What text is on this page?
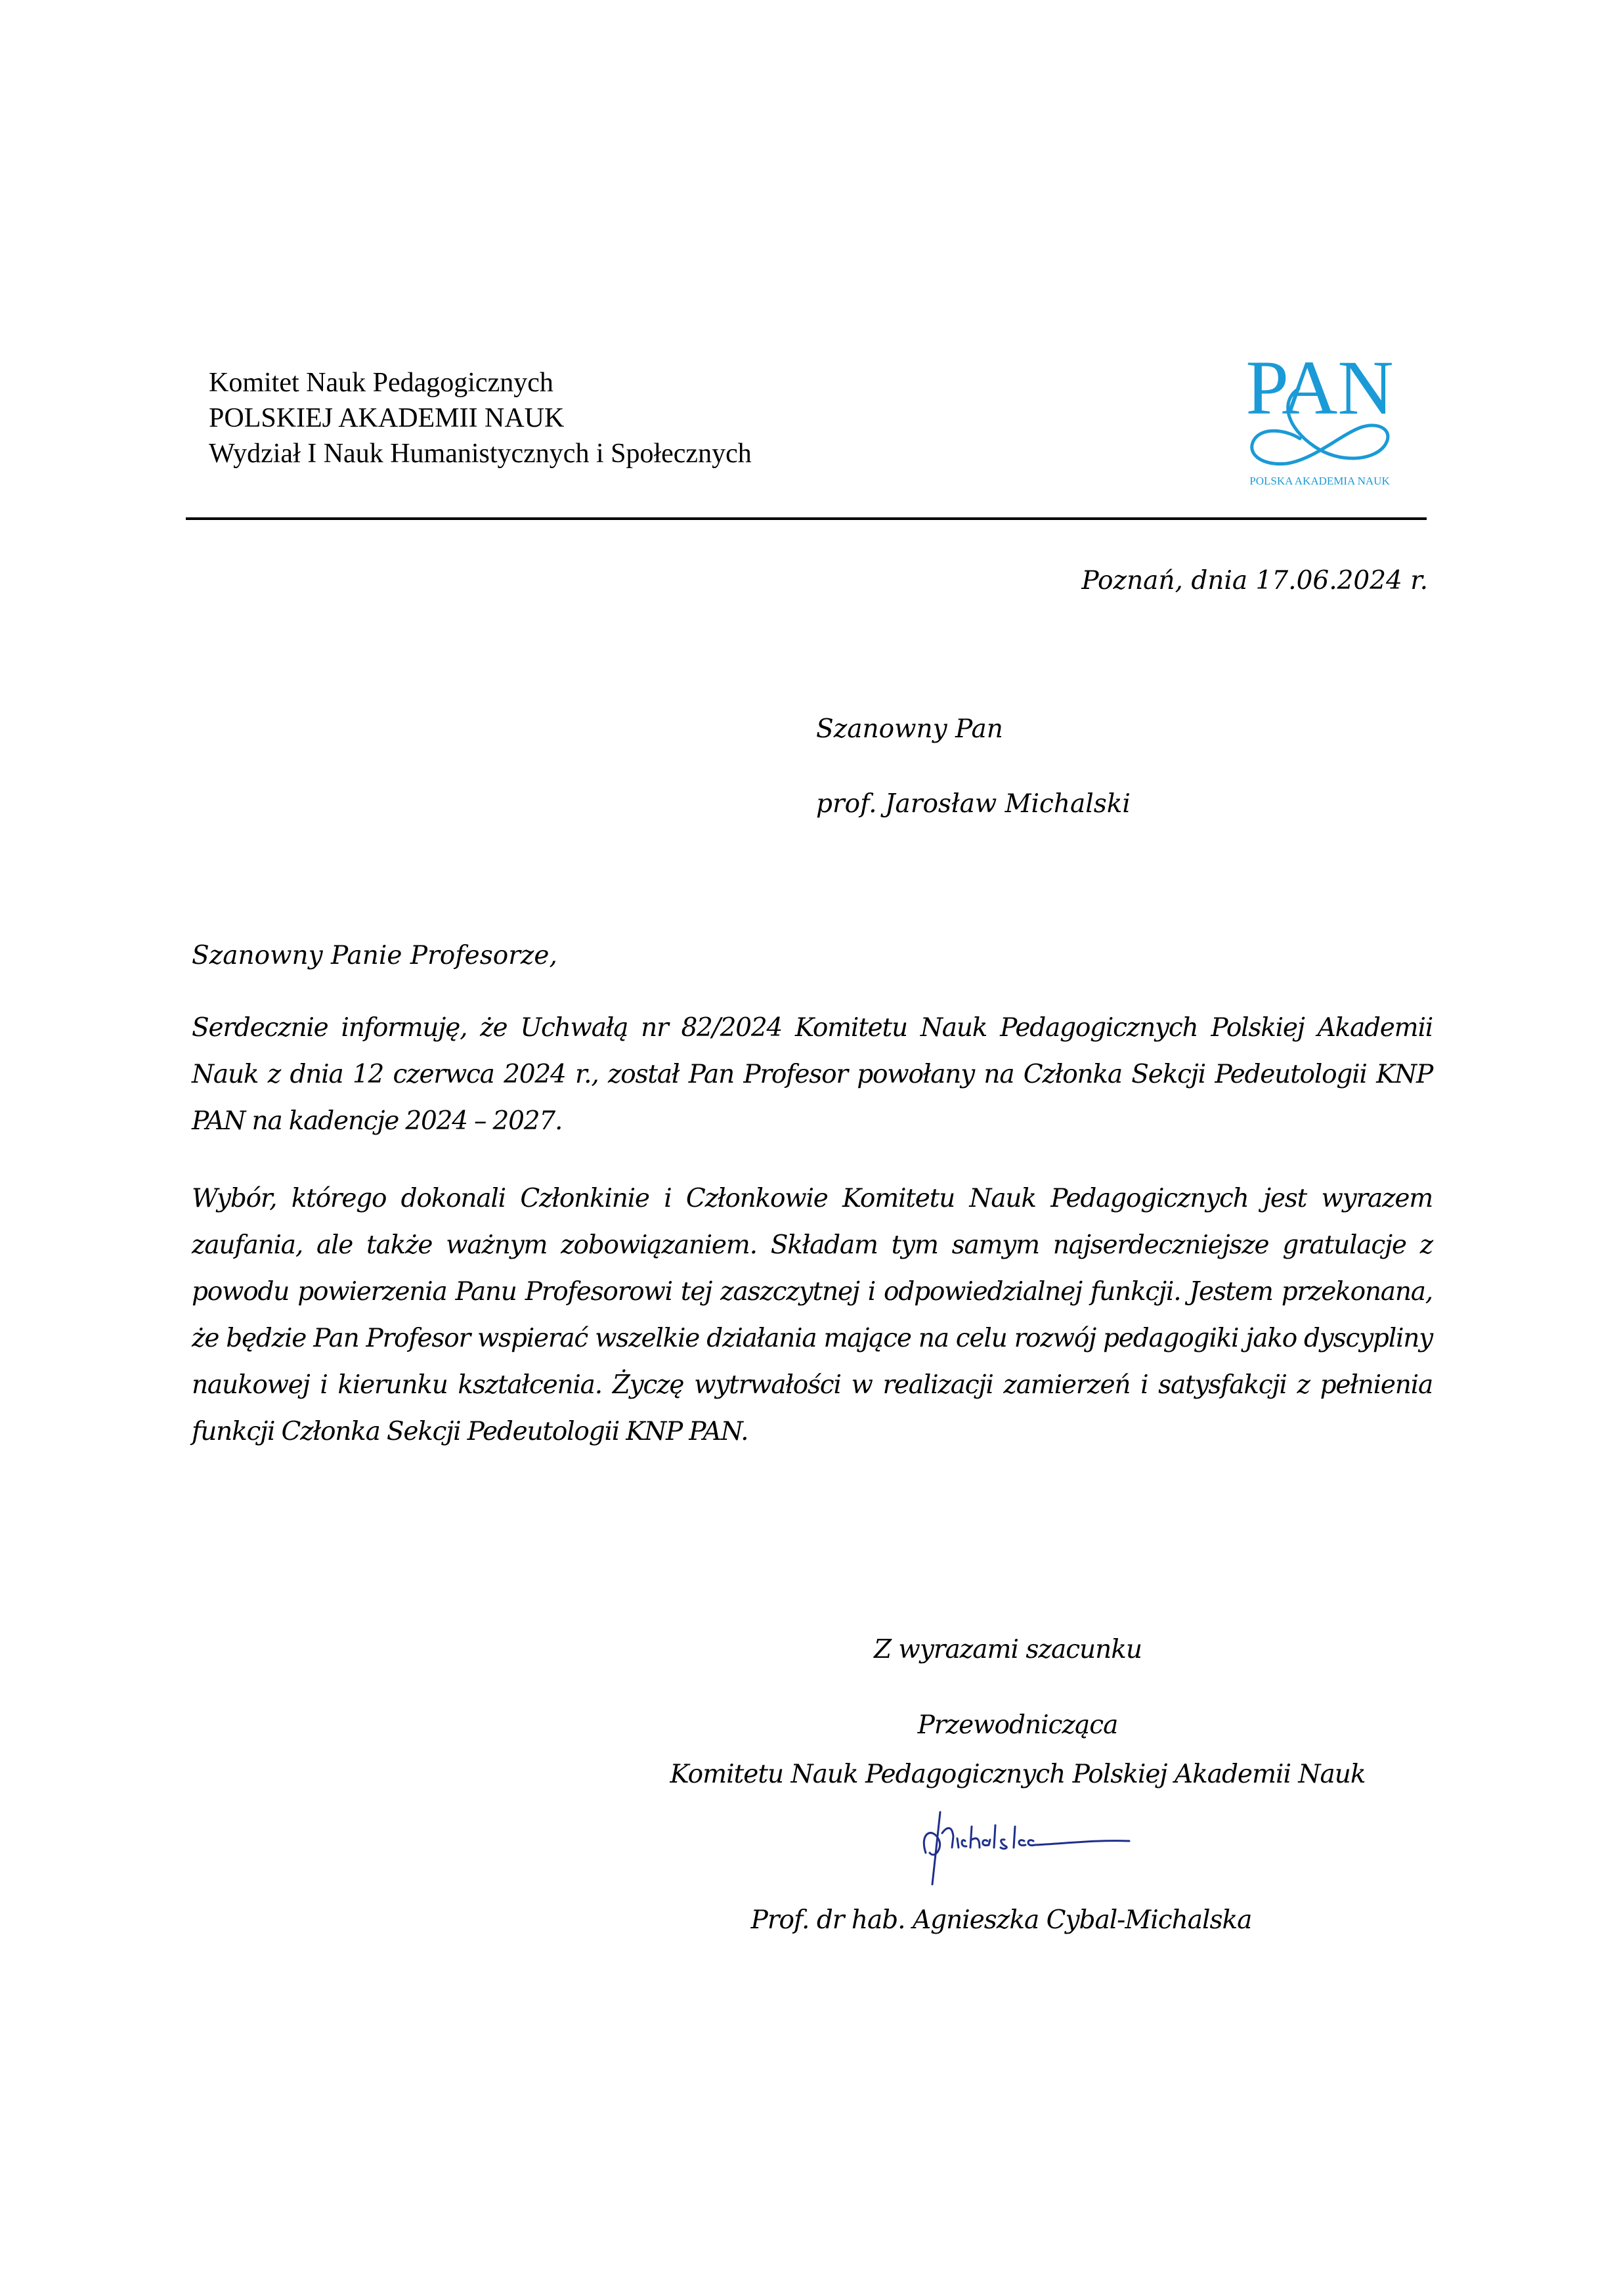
Komitet Nauk Pedagogicznych
POLSKIEJ AKADEMII NAUK
Wydział I Nauk Humanistycznych i Społecznych
PAN
POLSKA AKADEMIA NAUK
Poznań, dnia 17.06.2024 r.
Szanowny Pan
prof. Jarosław Michalski
Szanowny Panie Profesorze,

Serdecznie informuję, że Uchwałą nr 82/2024 Komitetu Nauk Pedagogicznych Polskiej Akademii Nauk z dnia 12 czerwca 2024 r., został Pan Profesor powołany na Członka Sekcji Pedeutologii KNP PAN na kadencje 2024 – 2027.

Wybór, którego dokonali Członkinie i Członkowie Komitetu Nauk Pedagogicznych jest wyrazem zaufania, ale także ważnym zobowiązaniem. Składam tym samym najserdeczniejsze gratulacje z powodu powierzenia Panu Profesorowi tej zaszczytnej i odpowiedzialnej funkcji. Jestem przekonana, że będzie Pan Profesor wspierać wszelkie działania mające na celu rozwój pedagogiki jako dyscypliny naukowej i kierunku kształcenia. Życzę wytrwałości w realizacji zamierzeń i satysfakcji z pełnienia funkcji Członka Sekcji Pedeutologii KNP PAN.

Z wyrazami szacunku
Przewodnicząca
Komitetu Nauk Pedagogicznych Polskiej Akademii Nauk
Prof. dr hab. Agnieszka Cybal-Michalska
